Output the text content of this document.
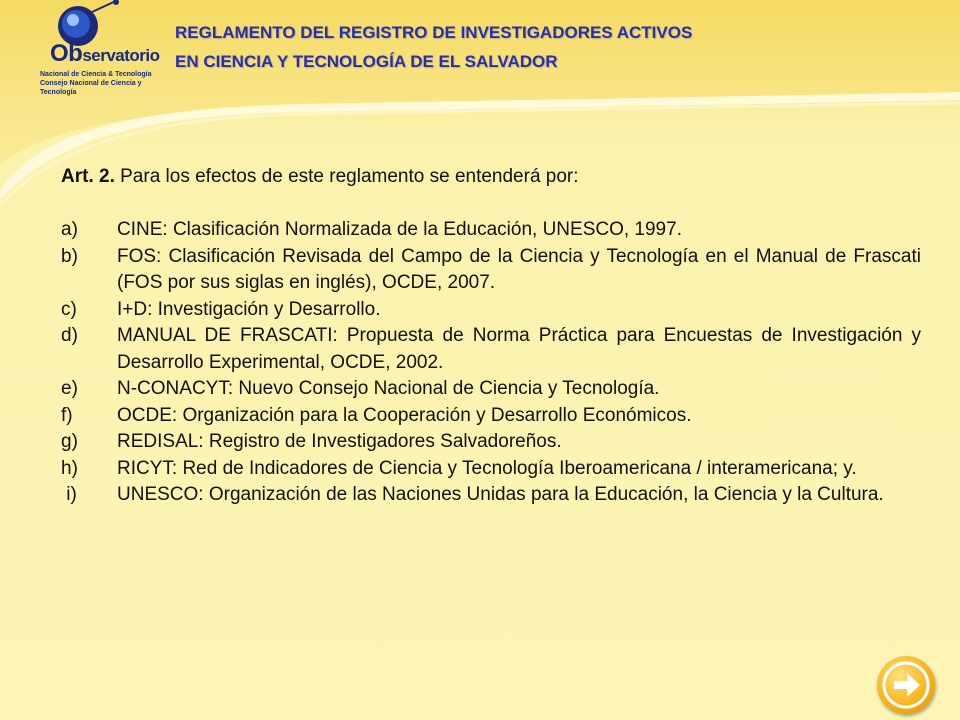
Observatorio
Nacional de Ciencia & Tecnología
Consejo Nacional de Ciencia y Tecnología
REGLAMENTO DEL REGISTRO DE INVESTIGADORES ACTIVOS
EN CIENCIA Y TECNOLOGÍA DE EL SALVADOR
Art. 2. Para los efectos de este reglamento se entenderá por:
a)	CINE: Clasificación Normalizada de la Educación, UNESCO, 1997.
b)	FOS: Clasificación Revisada del Campo de la Ciencia y Tecnología en el Manual de Frascati (FOS por sus siglas en inglés), OCDE, 2007.
c)	I+D: Investigación y Desarrollo.
d)	MANUAL DE FRASCATI: Propuesta de Norma Práctica para Encuestas de Investigación y Desarrollo Experimental, OCDE, 2002.
e)	N-CONACYT: Nuevo Consejo Nacional de Ciencia y Tecnología.
f)	OCDE: Organización para la Cooperación y Desarrollo Económicos.
g)	REDISAL: Registro de Investigadores Salvadoreños.
h)	RICYT: Red de Indicadores de Ciencia y Tecnología Iberoamericana / interamericana; y.
i)	UNESCO: Organización de las Naciones Unidas para la Educación, la Ciencia y la Cultura.
